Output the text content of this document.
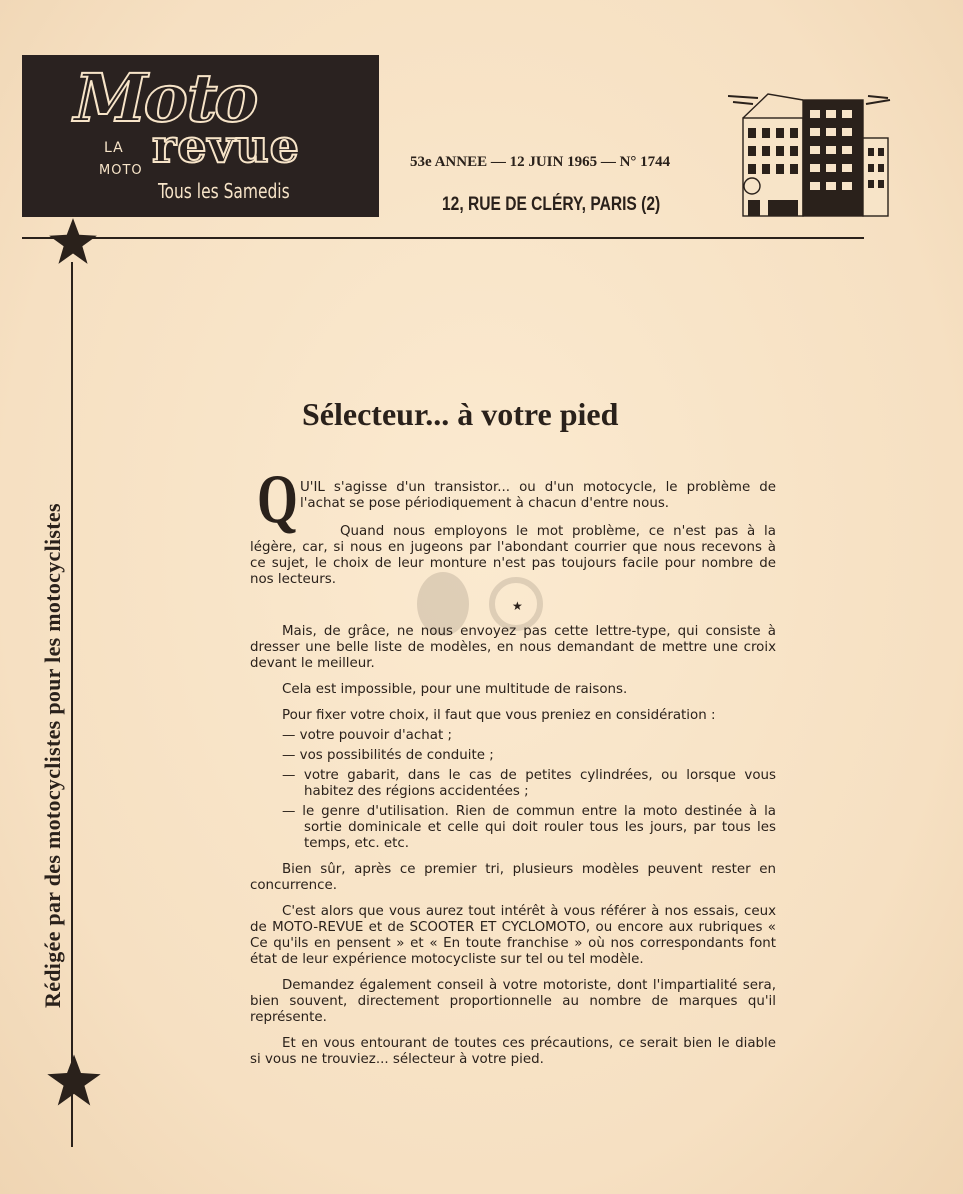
Moto
LA
MOTO revue
Tous les Samedis
53e ANNEE — 12 JUIN 1965 — N° 1744
12, RUE DE CLÉRY, PARIS (2)
Rédigée par des motocyclistes pour les motocyclistes
Sélecteur... à votre pied
Q U'IL s'agisse d'un transistor... ou d'un motocycle, le problème de l'achat se pose périodiquement à chacun d'entre nous.

Quand nous employons le mot problème, ce n'est pas à la légère, car, si nous en jugeons par l'abondant courrier que nous recevons à ce sujet, le choix de leur monture n'est pas toujours facile pour nombre de nos lecteurs.

★

Mais, de grâce, ne nous envoyez pas cette lettre-type, qui consiste à dresser une belle liste de modèles, en nous demandant de mettre une croix devant le meilleur.

Cela est impossible, pour une multitude de raisons.

Pour fixer votre choix, il faut que vous preniez en considération :

— votre pouvoir d'achat ;

— vos possibilités de conduite ;

— votre gabarit, dans le cas de petites cylindrées, ou lorsque vous habitez des régions accidentées ;

— le genre d'utilisation. Rien de commun entre la moto destinée à la sortie dominicale et celle qui doit rouler tous les jours, par tous les temps, etc. etc.

Bien sûr, après ce premier tri, plusieurs modèles peuvent rester en concurrence.

C'est alors que vous aurez tout intérêt à vous référer à nos essais, ceux de MOTO-REVUE et de SCOOTER ET CYCLOMOTO, ou encore aux rubriques « Ce qu'ils en pensent » et « En toute franchise » où nos correspondants font état de leur expérience motocycliste sur tel ou tel modèle.

Demandez également conseil à votre motoriste, dont l'impartialité sera, bien souvent, directement proportionnelle au nombre de marques qu'il représente.

Et en vous entourant de toutes ces précautions, ce serait bien le diable si vous ne trouviez... sélecteur à votre pied.
